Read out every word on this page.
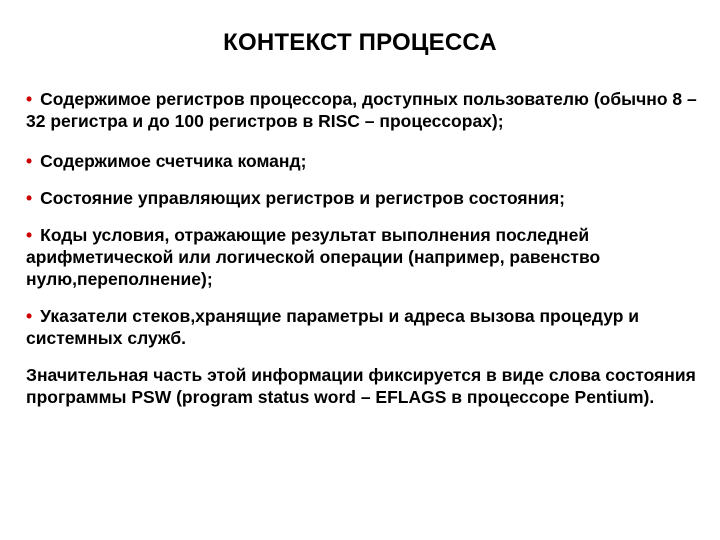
КОНТЕКСТ ПРОЦЕССА
• Содержимое регистров процессора, доступных пользователю (обычно 8 – 32 регистра и до 100 регистров в RISC – процессорах);
• Содержимое счетчика команд;
• Состояние управляющих регистров и регистров состояния;
• Коды условия, отражающие результат выполнения последней арифметической или логической операции (например, равенство нулю,переполнение);
• Указатели стеков,хранящие параметры и адреса вызова процедур и системных служб.
Значительная часть этой информации фиксируется в виде слова состояния программы PSW (program status word – EFLAGS в процессоре Pentium).
